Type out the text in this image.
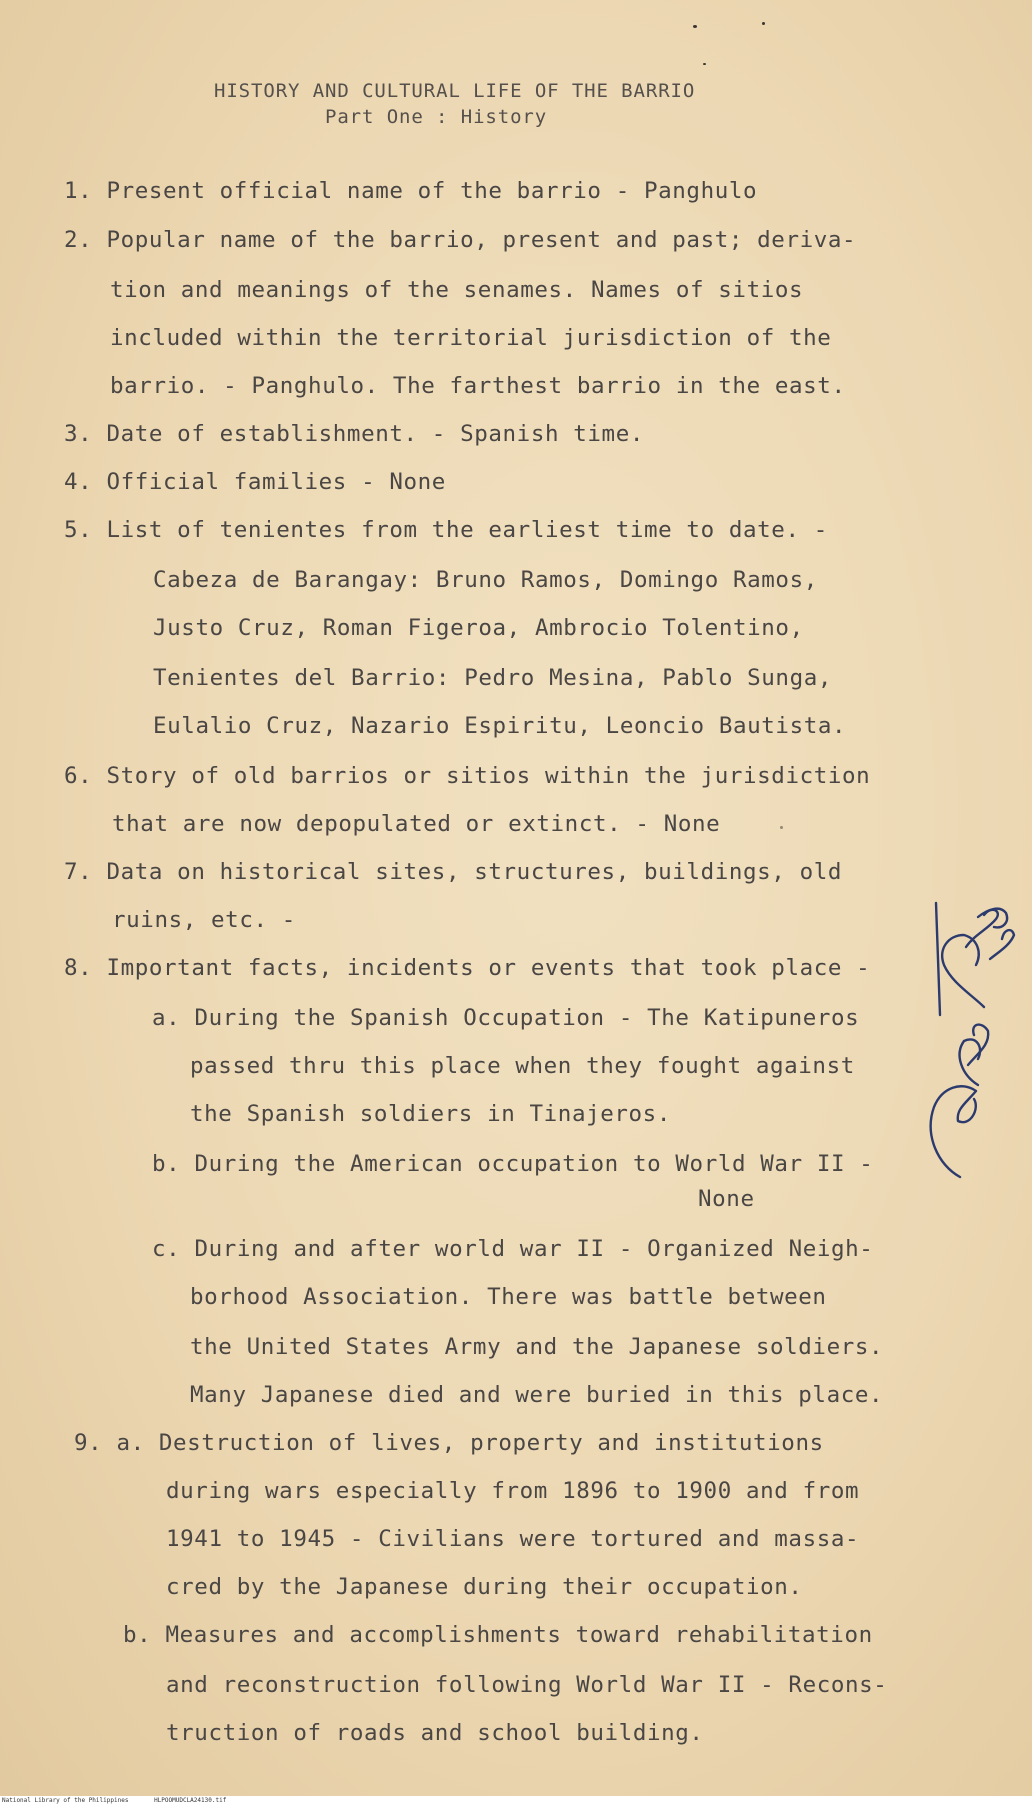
HISTORY AND CULTURAL LIFE OF THE BARRIO
Part One : History
1. Present official name of the barrio - Panghulo
2. Popular name of the barrio, present and past; deriva-
tion and meanings of the senames. Names of sitios
included within the territorial jurisdiction of the
barrio. - Panghulo. The farthest barrio in the east.
3. Date of establishment. - Spanish time.
4. Official families - None
5. List of tenientes from the earliest time to date. -
Cabeza de Barangay: Bruno Ramos, Domingo Ramos,
Justo Cruz, Roman Figeroa, Ambrocio Tolentino,
Tenientes del Barrio: Pedro Mesina, Pablo Sunga,
Eulalio Cruz, Nazario Espiritu, Leoncio Bautista.
6. Story of old barrios or sitios within the jurisdiction
that are now depopulated or extinct. - None
7. Data on historical sites, structures, buildings, old
ruins, etc. -
8. Important facts, incidents or events that took place -
a. During the Spanish Occupation - The Katipuneros
passed thru this place when they fought against
the Spanish soldiers in Tinajeros.
b. During the American occupation to World War II -
None
c. During and after world war II - Organized Neigh-
borhood Association. There was battle between
the United States Army and the Japanese soldiers.
Many Japanese died and were buried in this place.
9. a. Destruction of lives, property and institutions
during wars especially from 1896 to 1900 and from
1941 to 1945 - Civilians were tortured and massa-
cred by the Japanese during their occupation.
b. Measures and accomplishments toward rehabilitation
and reconstruction following World War II - Recons-
truction of roads and school building.
National Library of the Philippines	HLPOOMUDCLA24130.tif
